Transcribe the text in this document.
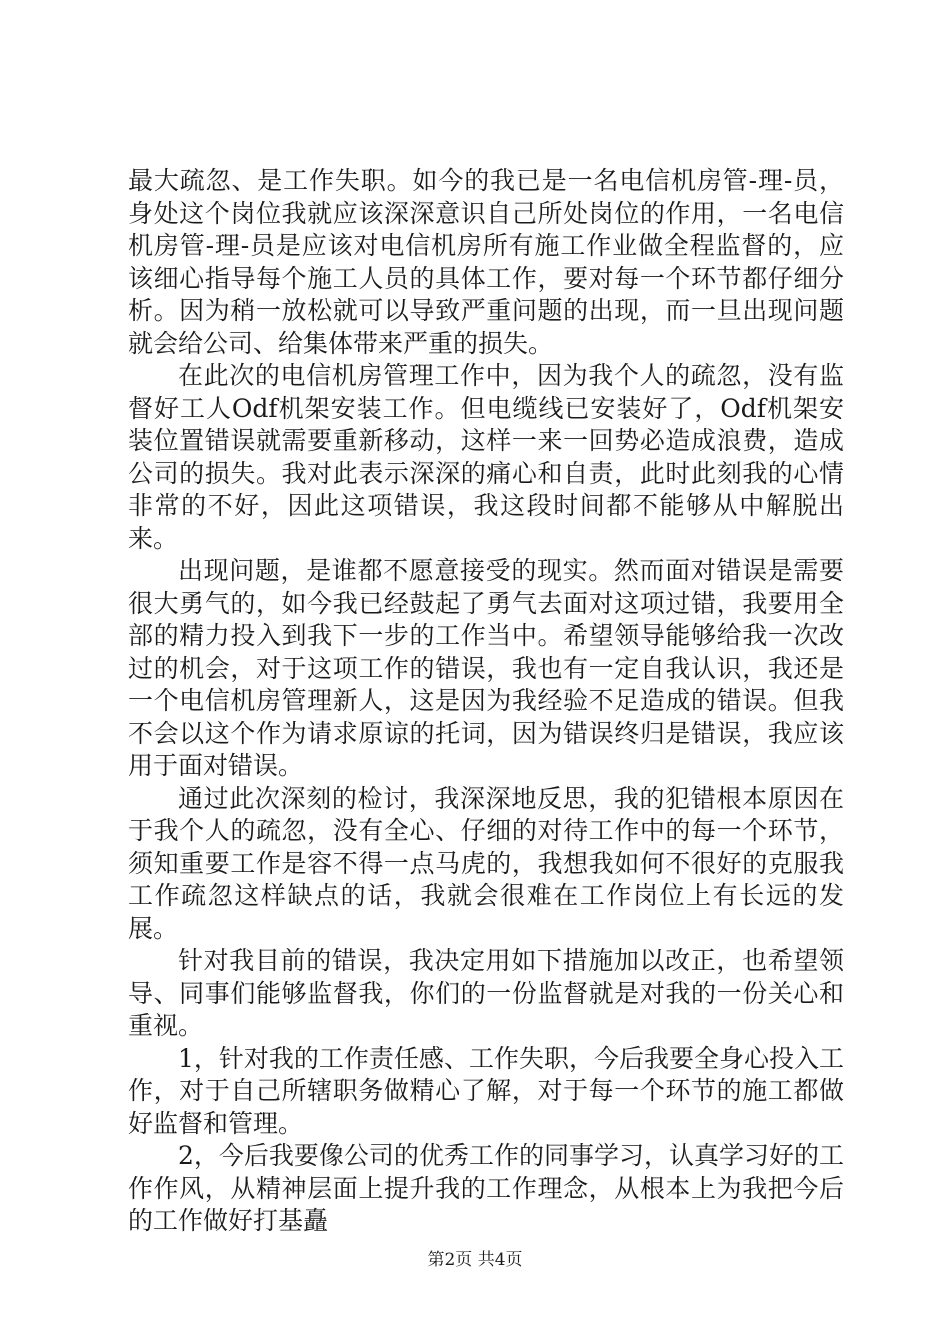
最大疏忽、是工作失职。如今的我已是一名电信机房管-理-员，身处这个岗位我就应该深深意识自己所处岗位的作用，一名电信机房管-理-员是应该对电信机房所有施工作业做全程监督的，应该细心指导每个施工人员的具体工作，要对每一个环节都仔细分析。因为稍一放松就可以导致严重问题的出现，而一旦出现问题就会给公司、给集体带来严重的损失。

在此次的电信机房管理工作中，因为我个人的疏忽，没有监督好工人Odf机架安装工作。但电缆线已安装好了，Odf机架安装位置错误就需要重新移动，这样一来一回势必造成浪费，造成公司的损失。我对此表示深深的痛心和自责，此时此刻我的心情非常的不好，因此这项错误，我这段时间都不能够从中解脱出来。

出现问题，是谁都不愿意接受的现实。然而面对错误是需要很大勇气的，如今我已经鼓起了勇气去面对这项过错，我要用全部的精力投入到我下一步的工作当中。希望领导能够给我一次改过的机会，对于这项工作的错误，我也有一定自我认识，我还是一个电信机房管理新人，这是因为我经验不足造成的错误。但我不会以这个作为请求原谅的托词，因为错误终归是错误，我应该用于面对错误。

通过此次深刻的检讨，我深深地反思，我的犯错根本原因在于我个人的疏忽，没有全心、仔细的对待工作中的每一个环节，须知重要工作是容不得一点马虎的，我想我如何不很好的克服我工作疏忽这样缺点的话，我就会很难在工作岗位上有长远的发展。

针对我目前的错误，我决定用如下措施加以改正，也希望领导、同事们能够监督我，你们的一份监督就是对我的一份关心和重视。

1，针对我的工作责任感、工作失职，今后我要全身心投入工作，对于自己所辖职务做精心了解，对于每一个环节的施工都做好监督和管理。

2，今后我要像公司的优秀工作的同事学习，认真学习好的工作作风，从精神层面上提升我的工作理念，从根本上为我把今后的工作做好打基矗

第2页 共4页
